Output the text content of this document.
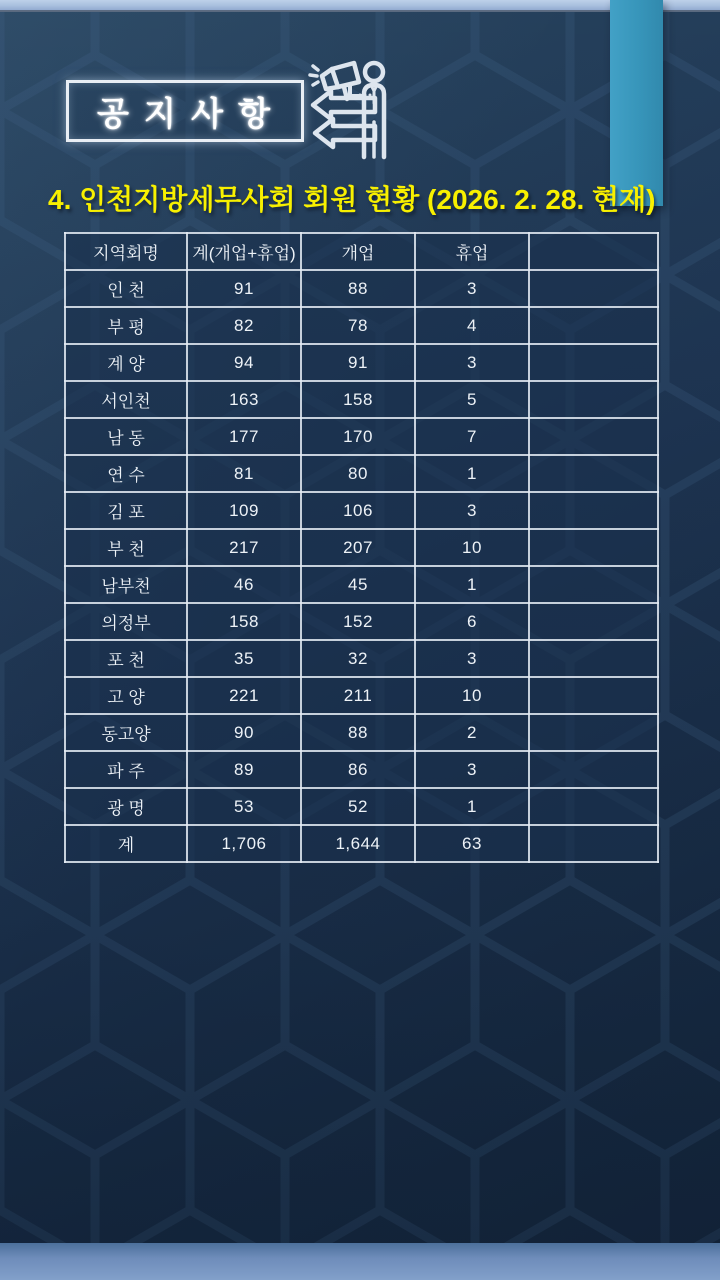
공 지 사 항
4. 인천지방세무사회 회원 현황 (2026. 2. 28. 현재)
지역회명	계(개업+휴업)	개업	휴업	
인 천	91	88	3	
부 평	82	78	4	
계 양	94	91	3	
서인천	163	158	5	
남 동	177	170	7	
연 수	81	80	1	
김 포	109	106	3	
부 천	217	207	10	
남부천	46	45	1	
의정부	158	152	6	
포 천	35	32	3	
고 양	221	211	10	
동고양	90	88	2	
파 주	89	86	3	
광 명	53	52	1	
계	1,706	1,644	63	
